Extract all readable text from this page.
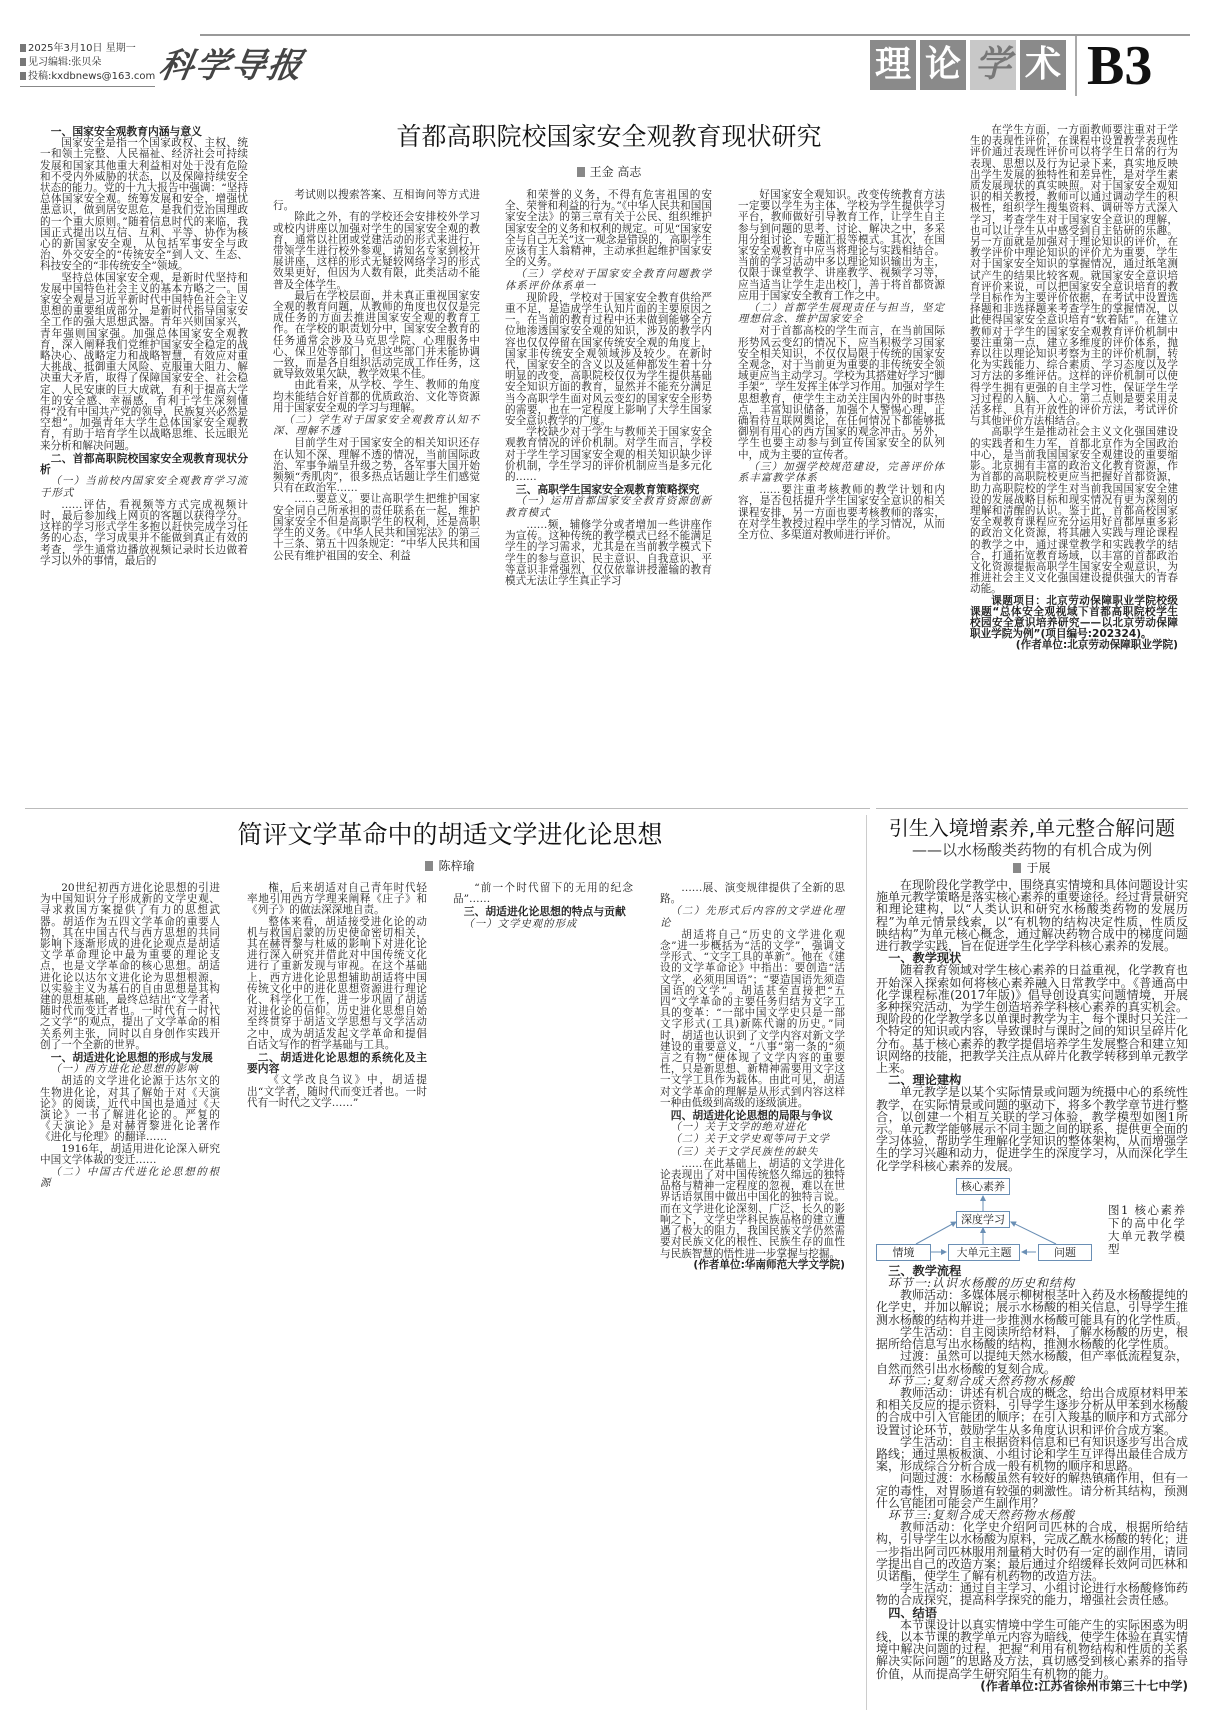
2025年3月10日 星期一
见习编辑:张贝朵
投稿:kxdbnews@163.com 科学导报	理 论 学 术 B3
首都高职院校国家安全观教育现状研究
王金 高志
一、国家安全观教育内涵与意义

国家安全是指一个国家政权、主权、统一和领土完整、人民福祉、经济社会可持续发展和国家其他重大利益相对处于没有危险和不受内外威胁的状态，以及保障持续安全状态的能力。党的十九大报告中强调：“坚持总体国家安全观。统筹发展和安全，增强忧患意识，做到居安思危，是我们党治国理政的一个重大原则。”随着信息时代的来临，我国正式提出以互信、互利、平等、协作为核心的新国家安全观，从包括军事安全与政治、外交安全的“传统安全”到人文、生态、科技安全的“非传统安全”领域。

坚持总体国家安全观，是新时代坚持和发展中国特色社会主义的基本方略之一。国家安全观是习近平新时代中国特色社会主义思想的重要组成部分，是新时代指导国家安全工作的强大思想武器。青年兴则国家兴，青年强则国家强。加强总体国家安全观教育，深入阐释我们党维护国家安全稳定的战略决心、战略定力和战略智慧，有效应对重大挑战、抵御重大风险、克服重大阻力、解决重大矛盾，取得了保障国家安全、社会稳定、人民安康的巨大成就，有利于提高大学生的安全感、幸福感，有利于学生深刻懂得“没有中国共产党的领导，民族复兴必然是空想”。加强青年大学生总体国家安全观教育，有助于培育学生以战略思维、长远眼光来分析和解决问题。

二、首都高职院校国家安全观教育现状分析
（一）当前校内国家安全观教育学习流于形式

……评估，看视频等方式完成视频计时，最后参加线上网页的客题以获得学分。这样的学习形式学生多抱以赶快完成学习任务的心态，学习成果并不能做到真正有效的考查，学生通常边播放视频记录时长边做着学习以外的事情，最后的

考试则以搜索答案、互相询问等方式进行。

除此之外，有的学校还会安排校外学习或校内讲座以加强对学生的国家安全观的教育，通常以社团或党建活动的形式来进行，带领学生进行校外参观，请知名专家到校开展讲座，这样的形式无疑较网络学习的形式效果更好，但因为人数有限，此类活动不能普及全体学生。

最后在学校层面，并未真正重视国家安全观的教育问题，从教师的角度也仅仅是完成任务的方面去推进国家安全观的教育工作。在学校的职责划分中，国家安全教育的任务通常会涉及马克思学院、心理服务中心、保卫处等部门，但这些部门并未能协调一致，而是各自组织活动完成工作任务，这就导致效果欠缺，教学效果不佳。

由此看来，从学校、学生、教师的角度均未能结合好首都的优质政治、文化等资源用于国家安全观的学习与理解。

（二）学生对于国家安全观教育认知不深、理解不透

目前学生对于国家安全的相关知识还存在认知不深、理解不透的情况，当前国际政治、军事争端呈升级之势，各军事大国开始频频“秀肌肉”，很多热点话题让学生们感觉只有在政治军……

……要意义。要让高职学生把维护国家安全同自己所承担的责任联系在一起，维护国家安全不但是高职学生的权利，还是高职学生的义务。《中华人民共和国宪法》的第三十三条、第五十四条规定：“中华人民共和国公民有维护祖国的安全、利益

和荣誉的义务，不得有危害祖国的安全、荣誉和利益的行为。”《中华人民共和国国家安全法》的第三章有关于公民、组织维护国家安全的义务和权利的规定。可见“国家安全与自己无关”这一观念是错误的，高职学生应该有主人翁精神，主动承担起维护国家安全的义务。

（三）学校对于国家安全教育问题教学体系评价体系单一

现阶段，学校对于国家安全教育供给严重不足，是造成学生认知片面的主要原因之一。在当前的教育过程中还未做到能够全方位地渗透国家安全观的知识，涉及的教学内容也仅仅停留在国家传统安全观的角度上，国家非传统安全观领域涉及较少。在新时代，国家安全的含义以及延伸都发生着十分明显的改变，高职院校仅仅为学生提供基础安全知识方面的教育，显然并不能充分满足当今高职学生面对风云变幻的国家安全形势的需要，也在一定程度上影响了大学生国家安全意识教学的广度。

学校缺少对于学生与教师关于国家安全观教育情况的评价机制。对学生而言，学校对于学生学习国家安全观的相关知识缺少评价机制，学生学习的评价机制应当是多元化的……

三、高职学生国家安全观教育策略探究
（一）运用首都国家安全教育资源创新教育模式

……频，辅修学分或者增加一些讲座作为宣传。这种传统的教学模式已经不能满足学生的学习需求，尤其是在当前教学模式下学生的参与意识、民主意识、自我意识、平等意识非常强烈，仅仅依靠讲授灌输的教育模式无法让学生真正学习

好国家安全观知识。改变传统教育方法一定要以学生为主体，学校为学生提供学习平台，教师做好引导教育工作，让学生自主参与到问题的思考、讨论、解决之中，多采用分组讨论、专题汇报等模式。其次，在国家安全观教育中应当将理论与实践相结合。当前的学习活动中多以理论知识输出为主，仅限于课堂教学、讲座教学、视频学习等，应当适当让学生走出校门，善于将首都资源应用于国家安全教育工作之中。

（二）首都学生展现责任与担当，坚定理想信念、维护国家安全

对于首都高校的学生而言，在当前国际形势风云变幻的情况下，应当积极学习国家安全相关知识，不仅仅局限于传统的国家安全观念，对于当前更为重要的非传统安全领域更应当主动学习。学校为其搭建好学习“脚手架”，学生发挥主体学习作用。加强对学生思想教育，使学生主动关注国内外的时事热点，丰富知识储备，加强个人警惕心理，正确看待互联网舆论，在任何情况下都能够抵御别有用心的西方国家的观念冲击。另外，学生也要主动参与到宣传国家安全的队列中，成为主要的宣传者。

（三）加强学校规范建设，完善评价体系丰富教学体系

……要注重考核教师的教学计划和内容，是否包括提升学生国家安全意识的相关课程安排，另一方面也要考核教师的落实，在对学生教授过程中学生的学习情况，从而全方位、多渠道对教师进行评价。

在学生方面，一方面教师要注重对于学生的表现性评价，在课程中设置教学表现性评价通过表现性评价可以将学生日常的行为表现、思想以及行为记录下来，真实地反映出学生发展的独特性和差异性，是对学生素质发展现状的真实映照。对于国家安全观知识的相关教授，教师可以通过调动学生的积极性，组织学生搜集资料、调研等方式深入学习，考查学生对于国家安全意识的理解，也可以让学生从中感受到自主钻研的乐趣。另一方面就是加强对于理论知识的评价，在教学评价中理论知识的评价尤为重要，学生对于国家安全知识的掌握情况，通过纸笔测试产生的结果比较客观。就国家安全意识培育评价来说，可以把国家安全意识培育的教学目标作为主要评价依据，在考试中设置选择题和非选择题来考查学生的掌握情况，以此使得国家安全意识培育“软着陆”。在建立教师对于学生的国家安全观教育评价机制中要注重第一点，建立多维度的评价体系，抛弃以往以理论知识考察为主的评价机制，转化为实践能力、综合素质、学习态度以及学习方法的多维评估。这样的评价机制可以使得学生拥有更强的自主学习性，保证学生学习过程的入脑、入心。第二点则是要采用灵活多样、具有开放性的评价方法，考试评价与其他评价方法相结合。

高职学生是推动社会主义文化强国建设的实践者和生力军，首都北京作为全国政治中心，是当前我国国家安全观建设的重要缩影。北京拥有丰富的政治文化教育资源，作为首都的高职院校更应当把握好首都资源，助力高职院校的学生对当前我国国家安全建设的发展战略目标和现实情况有更为深刻的理解和清醒的认识。鉴于此，首都高校国家安全观教育课程应充分运用好首都厚重多彩的政治文化资源，将其融入实践与理论课程的教学之中，通过课堂教学和实践教学的结合，打通拓宽教育场域，以丰富的首都政治文化资源提振高职学生国家安全观意识，为推进社会主义文化强国建设提供强大的青春动能。

课题项目：北京劳动保障职业学院校级课题“总体安全观视域下首都高职院校学生校园安全意识培养研究——以北京劳动保障职业学院为例”(项目编号:202324)。

(作者单位:北京劳动保障职业学院)

简评文学革命中的胡适文学进化论思想
陈梓瑜

20世纪初西方进化论思想的引进为中国知识分子形成新的文学史观、寻求救国方案提供了有力的思想武器。胡适作为五四文学革命的重要人物，其在中国古代与西方思想的共同影响下逐渐形成的进化论观点是胡适文学革命理论中最为重要的理论支点，也是文学革命的核心思想。胡适进化论以达尔文进化论为思想根源，以实验主义为基石的自由思想是其构建的思想基础，最终总结出“文学者，随时代而变迁者也。一时代有一时代之文学”的观点，提出了文学革命的相关系列主张，同时以自身创作实践开创了一个全新的世界。

一、胡适进化论思想的形成与发展
（一）西方进化论思想的影响

胡适的文学进化论源于达尔文的生物进化论，对其了解始于对《天演论》的阅读，近代中国也是通过《天演论》一书了解进化论的。严复的《天演论》是对赫胥黎进化论著作《进化与伦理》的翻译……

1916年，胡适用进化论深入研究中国文学体裁的变迁……

（二）中国古代进化论思想的根源

権，后来胡适对自己青年时代轻率地引用西方学理来阐释《庄子》和《列子》的做法深深地自责。

整体来看，胡适接受进化论的动机与救国启蒙的历史使命密切相关，其在赫胥黎与杜威的影响下对进化论进行深入研究并借此对中国传统文化进行了重新发现与审视。在这个基础上，西方进化论思想辅助胡适将中国传统文化中的进化思想资源进行理论化、科学化工作，进一步巩固了胡适对进化论的信仰。历史进化思想自始至终贯穿于胡适文学思想与文学活动之中，成为胡适发起文学革命和提倡白话文写作的哲学基础与工具。

二、胡适进化论思想的系统化及主要内容

《文学改良刍议》中，胡适提出“文学者，随时代而变迁者也。一时代有一时代之文学……”

“前一个时代留下的无用的纪念品”……

三、胡适进化论思想的特点与贡献
（一）文学史观的形成

……展、演变规律提供了全新的思路。

（二）先形式后内容的文学进化理论

胡适将自己“历史的文学进化观念”进一步概括为“活的文学”，强调文学形式、“文字工具的革新”。他在《建设的文学革命论》中指出：要创造“活文学，必须用国语”；“要造国语先须造国语的文学”。胡适甚至直接把“五四”文学革命的主要任务归结为文字工具的变革：“一部中国文学史只是一部文字形式(工具)新陈代谢的历史。”同时，胡适也认识到了文学内容对新文学建设的重要意义，“八事”第一条的“须言之有物”便体现了文学内容的重要性，只是新思想、新精神需要用文字这一文学工具作为载体。由此可见，胡适对文学革命的理解是从形式到内容这样一种由低级到高级的逐级演进。

四、胡适进化论思想的局限与争议
（一）关于文学的绝对进化
（二）关于文学史观等同于文学
（三）关于文学民族性的缺失

……在此基础上，胡适的文学进化论表现出了对中国传统悠久绵远的独特品格与精神一定程度的忽视，难以在世界话语氛围中做出中国化的独特言说。而在文学进化论深刻、广泛、长久的影响之下，文学史学科民族品格的建立遭遇了极大的阻力，我国民族文学仍然需要对民族文化的根性、民族生存的血性与民族智慧的悟性进一步掌握与挖掘。

(作者单位:华南师范大学文学院)

引生入境增素养,单元整合解问题
——以水杨酸类药物的有机合成为例
于展

在现阶段化学教学中，围绕真实情境和具体问题设计实施单元教学策略是落实核心素养的重要途径。经过背景研究和理论建构，以“人类认识和研究水杨酸类药物的发展历程”为单元情景线索，以“有机物的结构决定性质，性质反映结构”为单元核心概念，通过解决药物合成中的梯度问题进行教学实践，旨在促进学生化学学科核心素养的发展。

一、教学现状

随着教育领域对学生核心素养的日益重视，化学教育也开始深入探索如何将核心素养融入日常教学中。《普通高中化学课程标准(2017年版)》倡导创设真实问题情境，开展多种探究活动，为学生创造培养学科核心素养的真实机会。现阶段的化学教学多以单课时教学为主，每个课时只关注一个特定的知识或内容，导致课时与课时之间的知识呈碎片化分布。基于核心素养的教学提倡培养学生发展整合和建立知识网络的技能，把教学关注点从碎片化教学转移到单元教学上来。

二、理论建构

单元教学是以某个实际情景或问题为统摄中心的系统性教学，在实际情景或问题的驱动下，将多个教学章节进行整合，以创建一个相互关联的学习体验，教学模型如图1所示。单元教学能够展示不同主题之间的联系，提供更全面的学习体验，帮助学生理解化学知识的整体架构，从而增强学生的学习兴趣和动力，促进学生的深度学习，从而深化学生化学学科核心素养的发展。

核心素养
深度学习
情境	大单元主题	问题
图1 核心素养下的高中化学大单元教学模型
三、教学流程
环节一:认识水杨酸的历史和结构

教师活动：多媒体展示柳树根茎叶入药及水杨酸提纯的化学史，并加以解说；展示水杨酸的相关信息，引导学生推测水杨酸的结构并进一步推测水杨酸可能具有的化学性质。

学生活动：自主阅读所给材料，了解水杨酸的历史，根据所给信息写出水杨酸的结构，推测水杨酸的化学性质。

过渡：虽然可以提纯天然水杨酸，但产率低流程复杂，自然而然引出水杨酸的复刻合成。

环节二:复刻合成天然药物水杨酸

教师活动：讲述有机合成的概念，给出合成原材料甲苯和相关反应的提示资料，引导学生逐步分析从甲苯到水杨酸的合成中引入官能团的顺序；在引入羧基的顺序和方式部分设置讨论环节，鼓励学生从多角度认识和评价合成方案。

学生活动：自主根据资料信息和已有知识逐步写出合成路线；通过黑板板演、小组讨论和学生互评得出最佳合成方案，形成综合分析合成一般有机物的顺序和思路。

问题过渡：水杨酸虽然有较好的解热镇痛作用，但有一定的毒性，对胃肠道有较强的刺激性。请分析其结构，预测什么官能团可能会产生副作用？

环节三:复刻合成天然药物水杨酸

教师活动：化学史介绍阿司匹林的合成，根据所给结构，引导学生以水杨酸为原料，完成乙酰水杨酸的转化；进一步指出阿司匹林服用剂量稍大时仍有一定的副作用，请同学提出自己的改造方案；最后通过介绍缓释长效阿司匹林和贝诺酯，使学生了解有机药物的改造方法。

学生活动：通过自主学习、小组讨论进行水杨酸修饰药物的合成探究，提高科学探究的能力，增强社会责任感。

四、结语

本节课设计以真实情境中学生可能产生的实际困惑为明线，以本节课的教学单元内容为暗线，使学生体验在真实情境中解决问题的过程，把握“利用有机物结构和性质的关系解决实际问题”的思路及方法，真切感受到核心素养的指导价值，从而提高学生研究陌生有机物的能力。

(作者单位:江苏省徐州市第三十七中学)
